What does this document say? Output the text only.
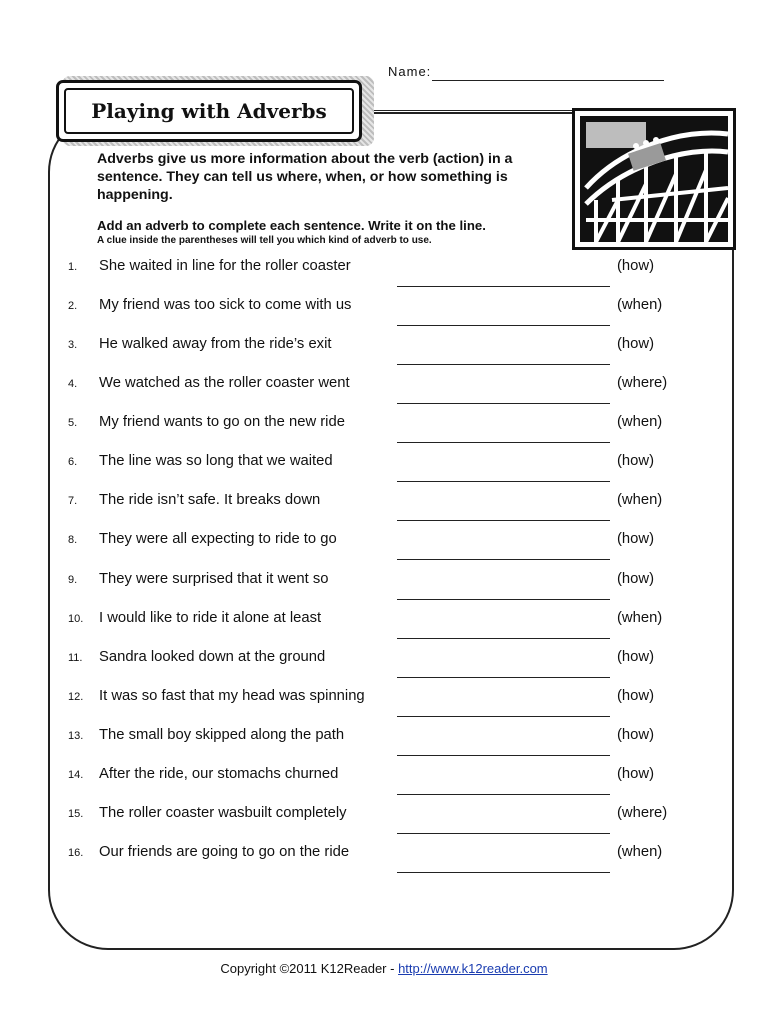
Name:
Playing with Adverbs
Adverbs give us more information about the verb (action) in a sentence. They can tell us where, when, or how something is happening.
Add an adverb to complete each sentence. Write it on the line.
A clue inside the parentheses will tell you which kind of adverb to use.
1. She waited in line for the roller coaster	(how)
2. My friend was too sick to come with us	(when)
3. He walked away from the ride’s exit	(how)
4. We watched as the roller coaster went	(where)
5. My friend wants to go on the new ride	(when)
6. The line was so long that we waited	(how)
7. The ride isn’t safe. It breaks down	(when)
8. They were all expecting to ride to go	(how)
9. They were surprised that it went so	(how)
10. I would like to ride it alone at least	(when)
11. Sandra looked down at the ground	(how)
12. It was so fast that my head was spinning	(how)
13. The small boy skipped along the path	(how)
14. After the ride, our stomachs churned	(how)
15. The roller coaster wasbuilt completely	(where)
16. Our friends are going to go on the ride	(when)
Copyright ©2011 K12Reader - http://www.k12reader.com
